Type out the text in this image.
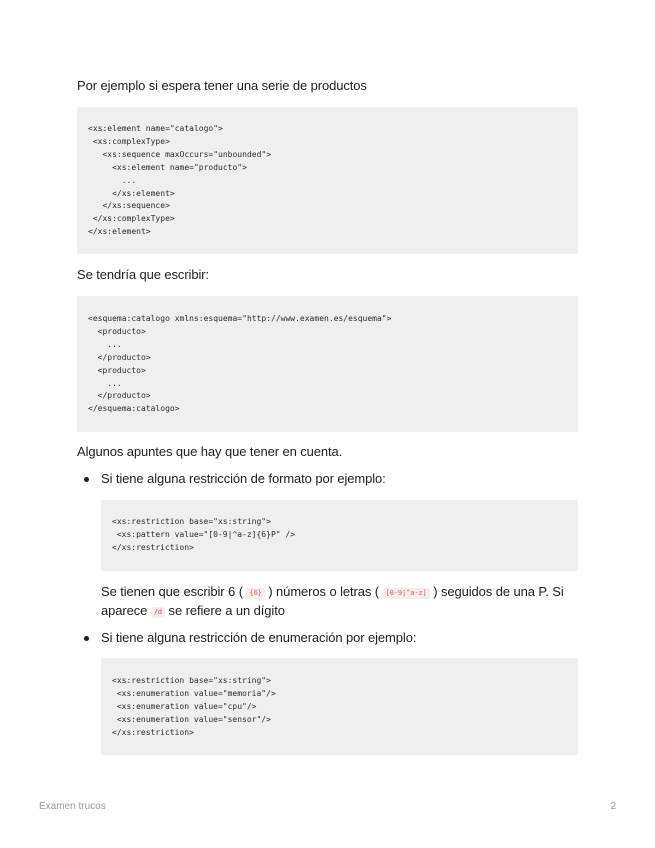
Por ejemplo si espera tener una serie de productos
<xs:element name="catalogo">
<xs:complexType>
<xs:sequence maxOccurs="unbounded">
<xs:element name="producto">
...
</xs:element>
</xs:sequence>
</xs:complexType>
</xs:element>
Se tendría que escribir:
<esquema:catalogo xmlns:esquema="http://www.examen.es/esquema">
<producto>
...
</producto>
<producto>
...
</producto>
</esquema:catalogo>
Algunos apuntes que hay que tener en cuenta.
Si tiene alguna restricción de formato por ejemplo:
<xs:restriction base="xs:string">
<xs:pattern value="[0-9|^a-z]{6}P" />
</xs:restriction>
Se tienen que escribir 6 ( {6} ) números o letras ( [0-9|^a-z] ) seguidos de una P. Si
aparece /d se refiere a un dígito
Si tiene alguna restricción de enumeración por ejemplo:
<xs:restriction base="xs:string">
<xs:enumeration value="memoria"/>
<xs:enumeration value="cpu"/>
<xs:enumeration value="sensor"/>
</xs:restriction>
Examen trucos	2
